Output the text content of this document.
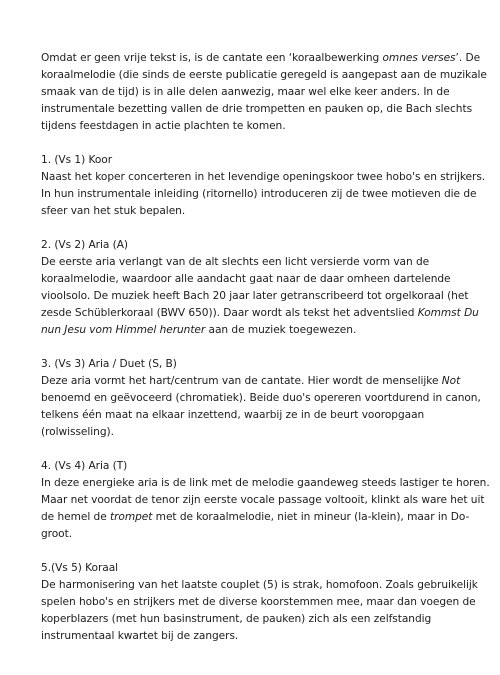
Omdat er geen vrije tekst is, is de cantate een ‘koraalbewerking omnes verses’. De koraalmelodie (die sinds de eerste publicatie geregeld is aangepast aan de muzikale smaak van de tijd) is in alle delen aanwezig, maar wel elke keer anders. In de instrumentale bezetting vallen de drie trompetten en pauken op, die Bach slechts tijdens feestdagen in actie plachten te komen.

1. (Vs 1) Koor
Naast het koper concerteren in het levendige openingskoor twee hobo's en strijkers. In hun instrumentale inleiding (ritornello) introduceren zij de twee motieven die de sfeer van het stuk bepalen.
2. (Vs 2) Aria (A)
De eerste aria verlangt van de alt slechts een licht versierde vorm van de koraalmelodie, waardoor alle aandacht gaat naar de daar omheen dartelende vioolsolo. De muziek heeft Bach 20 jaar later getranscribeerd tot orgelkoraal (het zesde Schüblerkoraal (BWV 650)). Daar wordt als tekst het adventslied Kommst Du nun Jesu vom Himmel herunter aan de muziek toegewezen.
3. (Vs 3) Aria / Duet (S, B)
Deze aria vormt het hart/centrum van de cantate. Hier wordt de menselijke Not benoemd en geëvoceerd (chromatiek). Beide duo's opereren voortdurend in canon, telkens één maat na elkaar inzettend, waarbij ze in de beurt vooropgaan (rolwisseling).
4. (Vs 4) Aria (T)
In deze energieke aria is de link met de melodie gaandeweg steeds lastiger te horen. Maar net voordat de tenor zijn eerste vocale passage voltooit, klinkt als ware het uit de hemel de trompet met de koraalmelodie, niet in mineur (la-klein), maar in Do-groot.
5.(Vs 5) Koraal
De harmonisering van het laatste couplet (5) is strak, homofoon. Zoals gebruikelijk spelen hobo's en strijkers met de diverse koorstemmen mee, maar dan voegen de koperblazers (met hun basinstrument, de pauken) zich als een zelfstandig instrumentaal kwartet bij de zangers.
